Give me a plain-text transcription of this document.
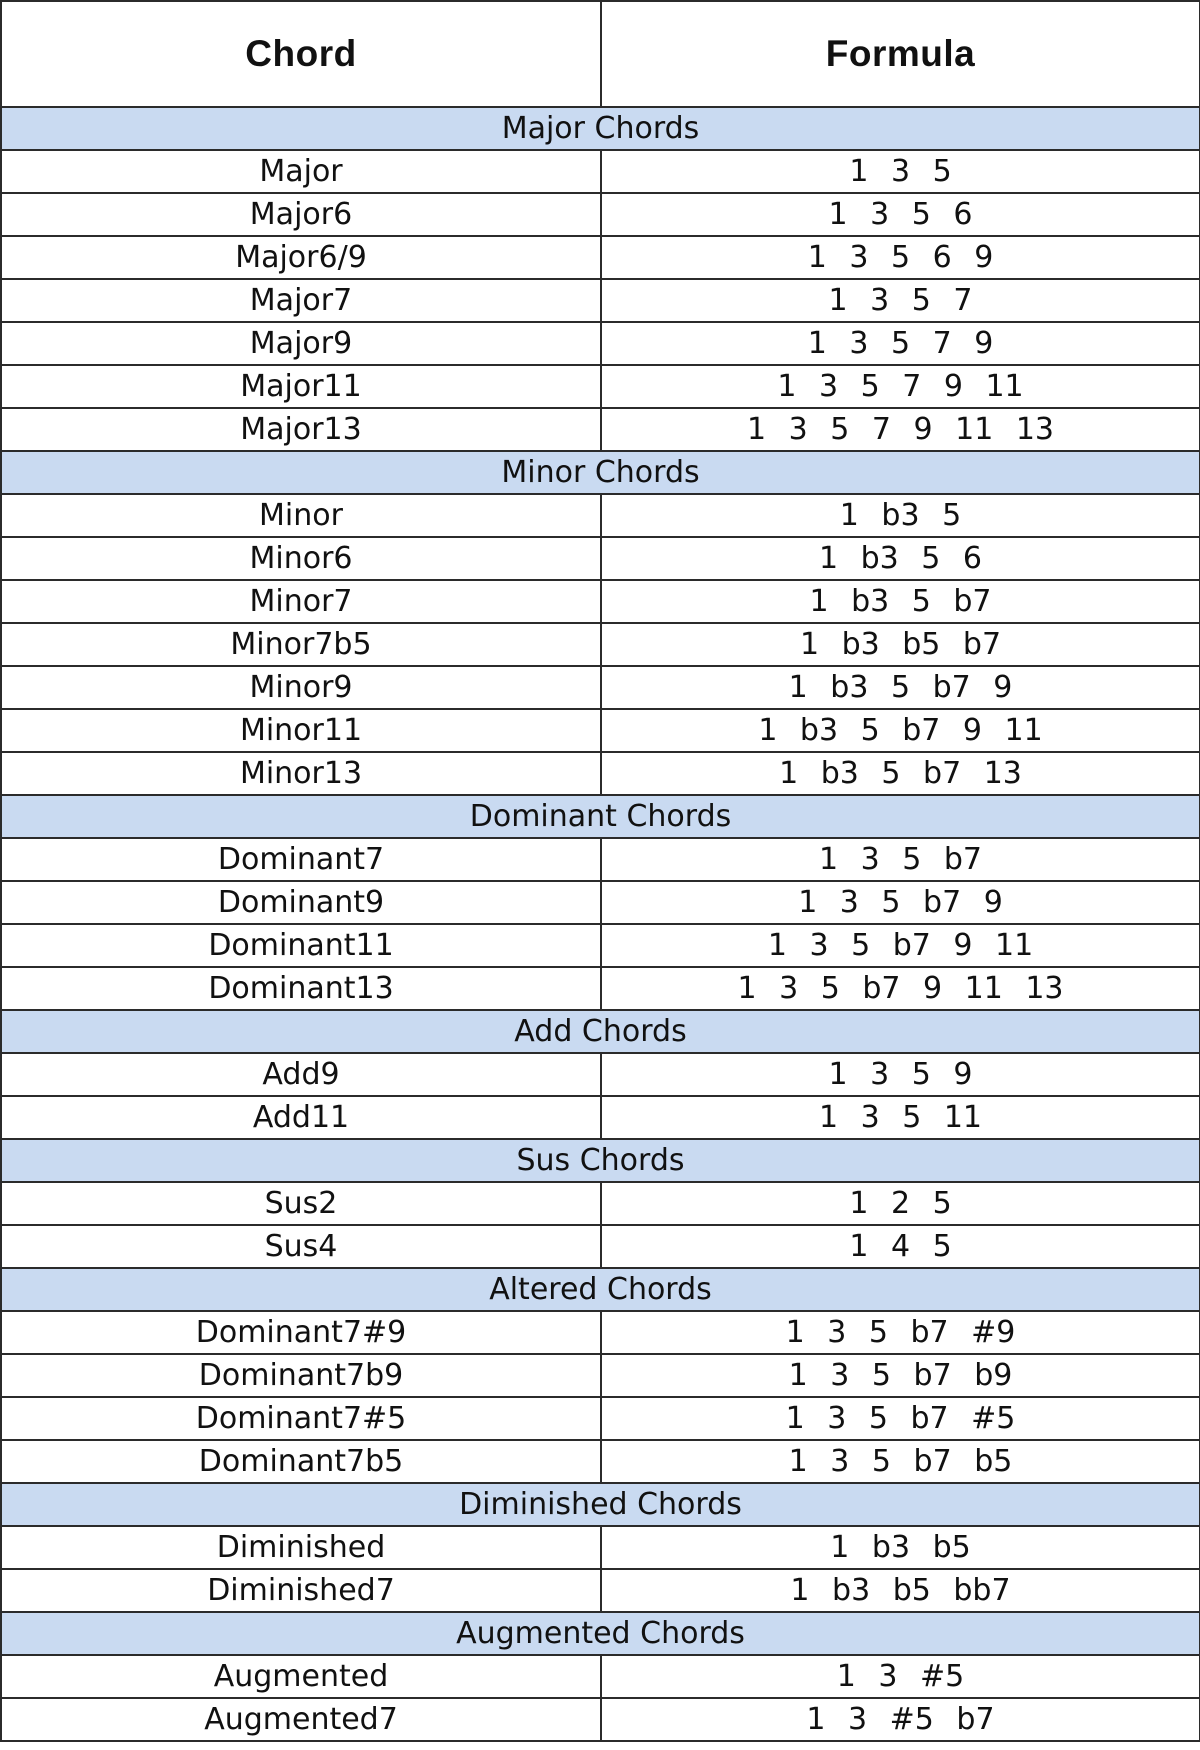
Chord	Formula
Major Chords	
Major	1 3 5
Major6	1 3 5 6
Major6/9	1 3 5 6 9
Major7	1 3 5 7
Major9	1 3 5 7 9
Major11	1 3 5 7 9 11
Major13	1 3 5 7 9 11 13
Minor Chords	
Minor	1 b3 5
Minor6	1 b3 5 6
Minor7	1 b3 5 b7
Minor7b5	1 b3 b5 b7
Minor9	1 b3 5 b7 9
Minor11	1 b3 5 b7 9 11
Minor13	1 b3 5 b7 13
Dominant Chords	
Dominant7	1 3 5 b7
Dominant9	1 3 5 b7 9
Dominant11	1 3 5 b7 9 11
Dominant13	1 3 5 b7 9 11 13
Add Chords	
Add9	1 3 5 9
Add11	1 3 5 11
Sus Chords	
Sus2	1 2 5
Sus4	1 4 5
Altered Chords	
Dominant7#9	1 3 5 b7 #9
Dominant7b9	1 3 5 b7 b9
Dominant7#5	1 3 5 b7 #5
Dominant7b5	1 3 5 b7 b5
Diminished Chords	
Diminished	1 b3 b5
Diminished7	1 b3 b5 bb7
Augmented Chords	
Augmented	1 3 #5
Augmented7	1 3 #5 b7
